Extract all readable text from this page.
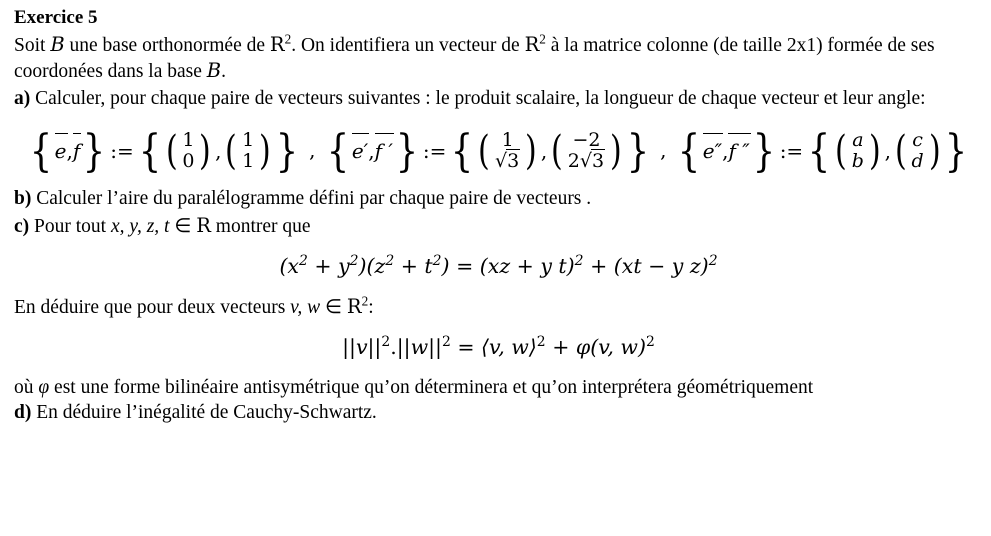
Exercice 5

Soit B une base orthonormée de $R^2$. On identifiera un vecteur de $R^2$ à la matrice colonne (de taille 2x1) formée de ses coordonées dans la base B.

a) Calculer, pour chaque paire de vecteurs suivantes : le produit scalaire, la longueur de chaque vecteur et leur angle:

{ e , f } := { ( 1
0 ) , ( 1
1 ) } , { e′ , f ′ } := { ( 1
√3 ) , ( −2
2√3 ) } , { e″ , f ″ } := { ( a
b ) , ( c
d ) }

b) Calculer l’aire du paralélogramme défini par chaque paire de vecteurs .

c) Pour tout x, y, z, t ∈ R montrer que

$(x^2 + y^2)(z^2 + t^2) = (xz + y$ t)$^2$ + (xt − y z)$^2$

En déduire que pour deux vecteurs v, w ∈ $R^2$:

$||v||^2.||w||^2$ = ⟨v, w⟩$^2$ + φ(v, w)$^2$

où φ est une forme bilinéaire antisymétrique qu’on déterminera et qu’on interprétera géométriquement

d) En déduire l’inégalité de Cauchy-Schwartz.
